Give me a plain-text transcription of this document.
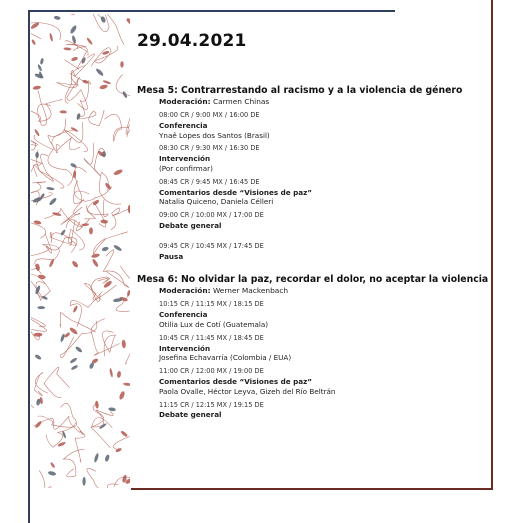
29.04.2021
Mesa 5: Contrarrestando al racismo y a la violencia de género
Moderación: Carmen Chinas
08:00 CR / 9:00 MX / 16:00 DE
Conferencia
Ynaê Lopes dos Santos (Brasil)
08:30 CR / 9:30 MX / 16:30 DE
Intervención
(Por confirmar)
08:45 CR / 9:45 MX / 16:45 DE
Comentarios desde “Visiones de paz”
Natalia Quiceno, Daniela Célleri
09:00 CR / 10:00 MX / 17:00 DE
Debate general
09:45 CR / 10:45 MX / 17:45 DE
Pausa
Mesa 6: No olvidar la paz, recordar el dolor, no aceptar la violencia
Moderación: Werner Mackenbach
10:15 CR / 11:15 MX / 18:15 DE
Conferencia
Otilia Lux de Cotí (Guatemala)
10:45 CR / 11:45 MX / 18:45 DE
Intervención
Josefina Echavarría (Colombia / EUA)
11:00 CR / 12:00 MX / 19:00 DE
Comentarios desde “Visiones de paz”
Paola Ovalle, Héctor Leyva, Gizeh del Río Beltrán
11:15 CR / 12:15 MX / 19:15 DE
Debate general
